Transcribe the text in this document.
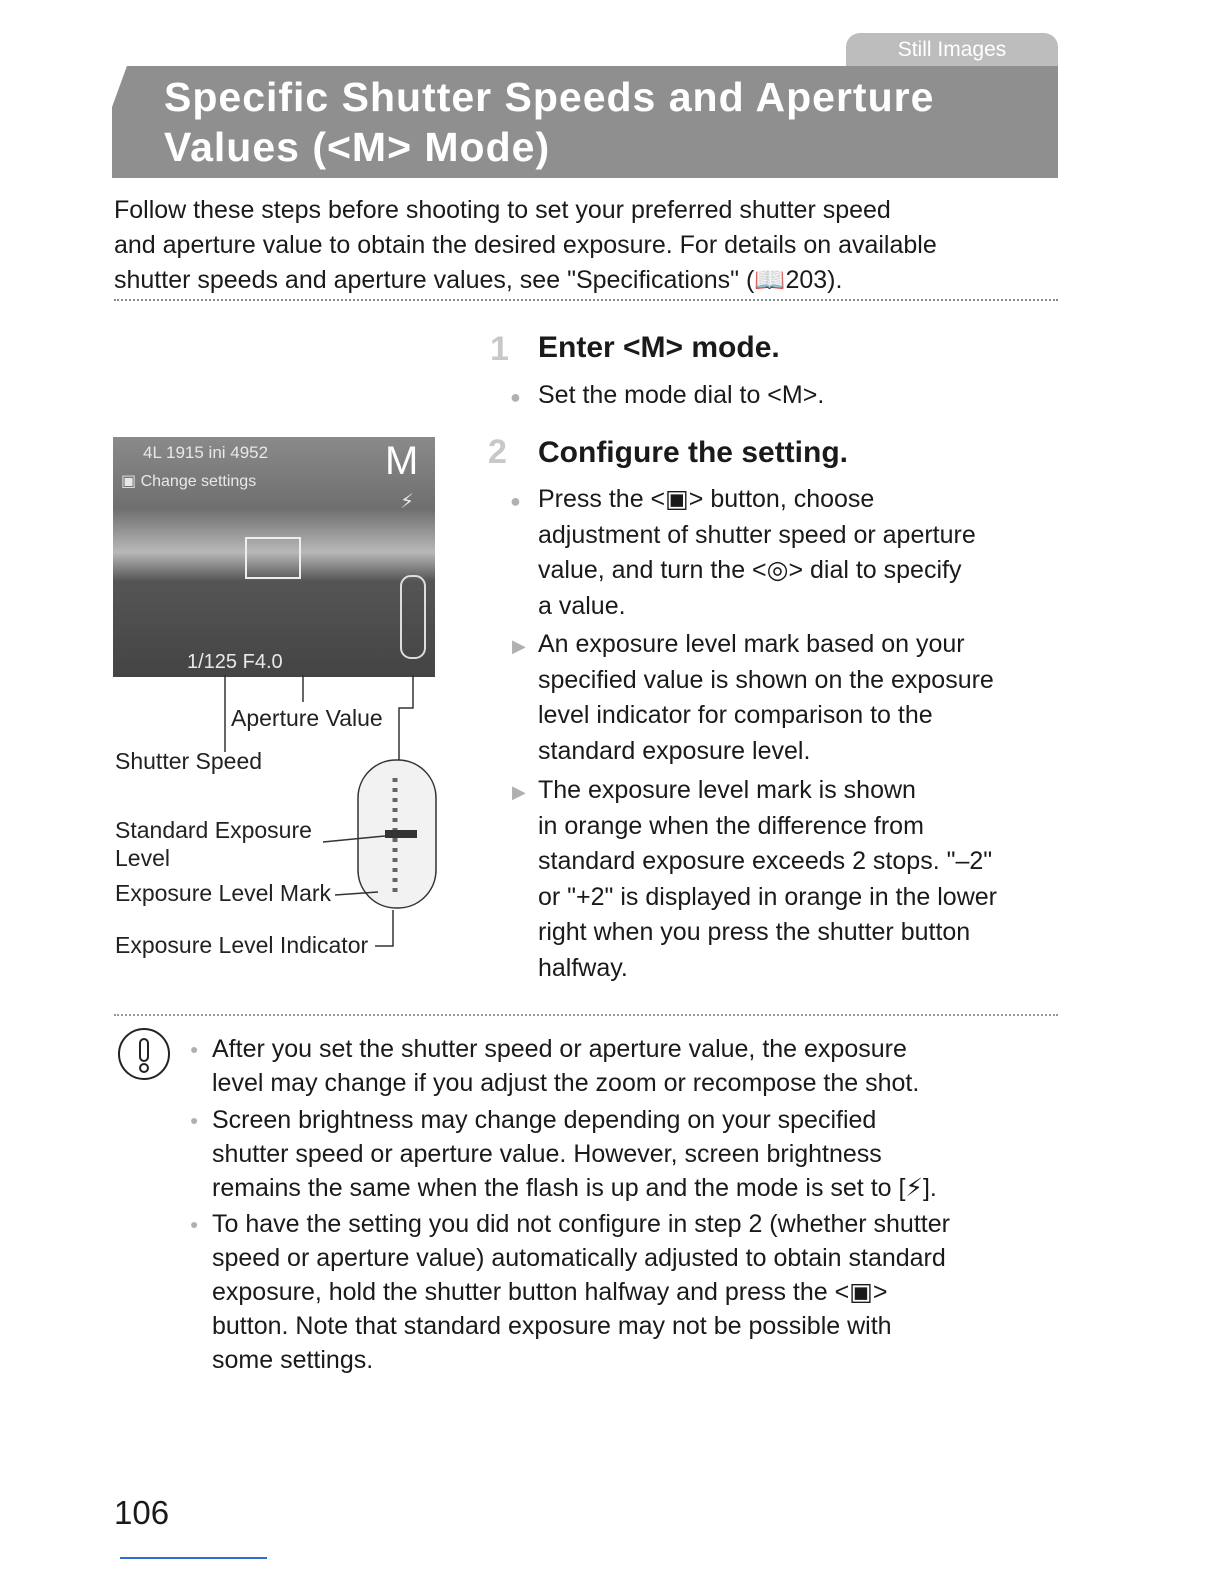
Still Images
Specific Shutter Speeds and Aperture
Values (<M> Mode)
Follow these steps before shooting to set your preferred shutter speed
and aperture value to obtain the desired exposure. For details on available
shutter speeds and aperture values, see "Specifications" (📖203).
1 Enter <M> mode.
● Set the mode dial to <M>.
2 Configure the setting.
● Press the <▣> button, choose
adjustment of shutter speed or aperture
value, and turn the <◎> dial to specify
a value.
▶ An exposure level mark based on your
specified value is shown on the exposure
level indicator for comparison to the
standard exposure level.
▶ The exposure level mark is shown
in orange when the difference from
standard exposure exceeds 2 stops. "–2"
or "+2" is displayed in orange in the lower
right when you press the shutter button
halfway.
4L 1915 ini 4952	M
▣ Change settings
⚡
1/125 F4.0
Aperture Value
Shutter Speed
Standard Exposure
Level
Exposure Level Mark
Exposure Level Indicator
● After you set the shutter speed or aperture value, the exposure
level may change if you adjust the zoom or recompose the shot.
● Screen brightness may change depending on your specified
shutter speed or aperture value. However, screen brightness
remains the same when the flash is up and the mode is set to [⚡].
● To have the setting you did not configure in step 2 (whether shutter
speed or aperture value) automatically adjusted to obtain standard
exposure, hold the shutter button halfway and press the <▣>
button. Note that standard exposure may not be possible with
some settings.
106
